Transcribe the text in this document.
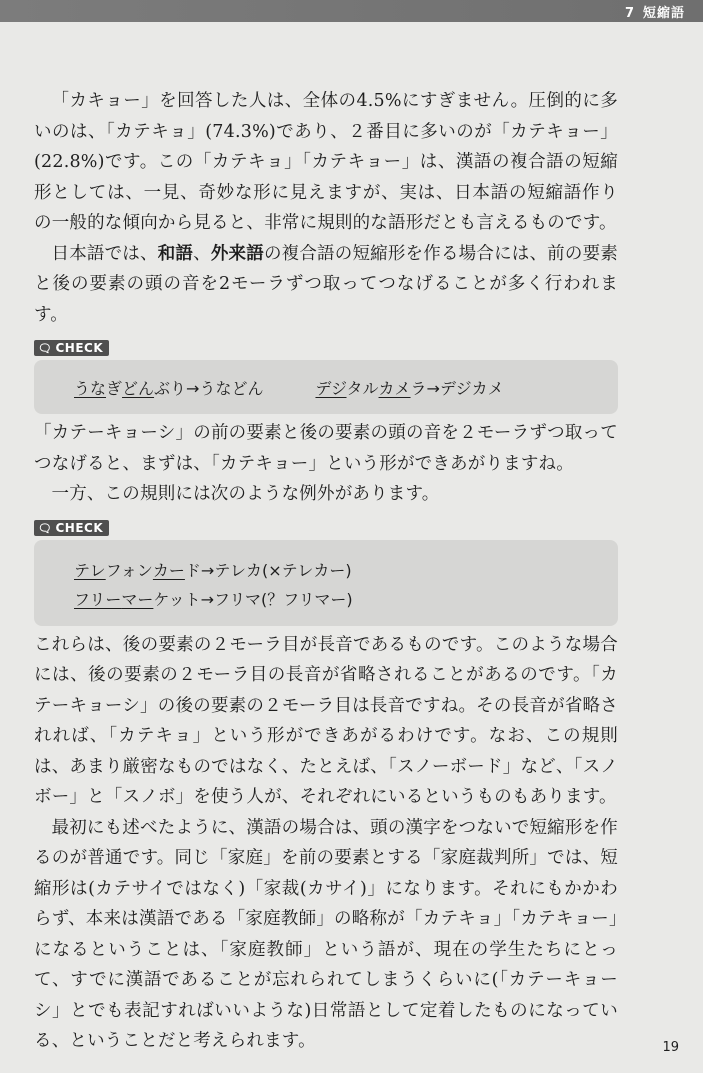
7 短縮語

「カキョー」を回答した人は、全体の4.5%にすぎません。圧倒的に多いのは、「カテキョ」(74.3%)であり、２番目に多いのが「カテキョー」(22.8%)です。この「カテキョ」「カテキョー」は、漢語の複合語の短縮形としては、一見、奇妙な形に見えますが、実は、日本語の短縮語作りの一般的な傾向から見ると、非常に規則的な語形だとも言えるものです。

日本語では、和語、外来語の複合語の短縮形を作る場合には、前の要素と後の要素の頭の音を2モーラずつ取ってつなげることが多く行われます。

🗨 CHECK
うなぎどんぶり→うなどん	デジタルカメラ→デジカメ

「カテーキョーシ」の前の要素と後の要素の頭の音を２モーラずつ取ってつなげると、まずは、「カテキョー」という形ができあがりますね。

一方、この規則には次のような例外があります。

🗨 CHECK
テレフォンカード→テレカ(×テレカー)
フリーマーケット→フリマ(？フリマー)

これらは、後の要素の２モーラ目が長音であるものです。このような場合には、後の要素の２モーラ目の長音が省略されることがあるのです。「カテーキョーシ」の後の要素の２モーラ目は長音ですね。その長音が省略されれば、「カテキョ」という形ができあがるわけです。なお、この規則は、あまり厳密なものではなく、たとえば、「スノーボード」など、「スノボー」と「スノボ」を使う人が、それぞれにいるというものもあります。

最初にも述べたように、漢語の場合は、頭の漢字をつないで短縮形を作るのが普通です。同じ「家庭」を前の要素とする「家庭裁判所」では、短縮形は(カテサイではなく)「家裁(カサイ)」になります。それにもかかわらず、本来は漢語である「家庭教師」の略称が「カテキョ」「カテキョー」になるということは、「家庭教師」という語が、現在の学生たちにとって、すでに漢語であることが忘れられてしまうくらいに(「カテーキョーシ」とでも表記すればいいような)日常語として定着したものになっている、ということだと考えられます。	19
